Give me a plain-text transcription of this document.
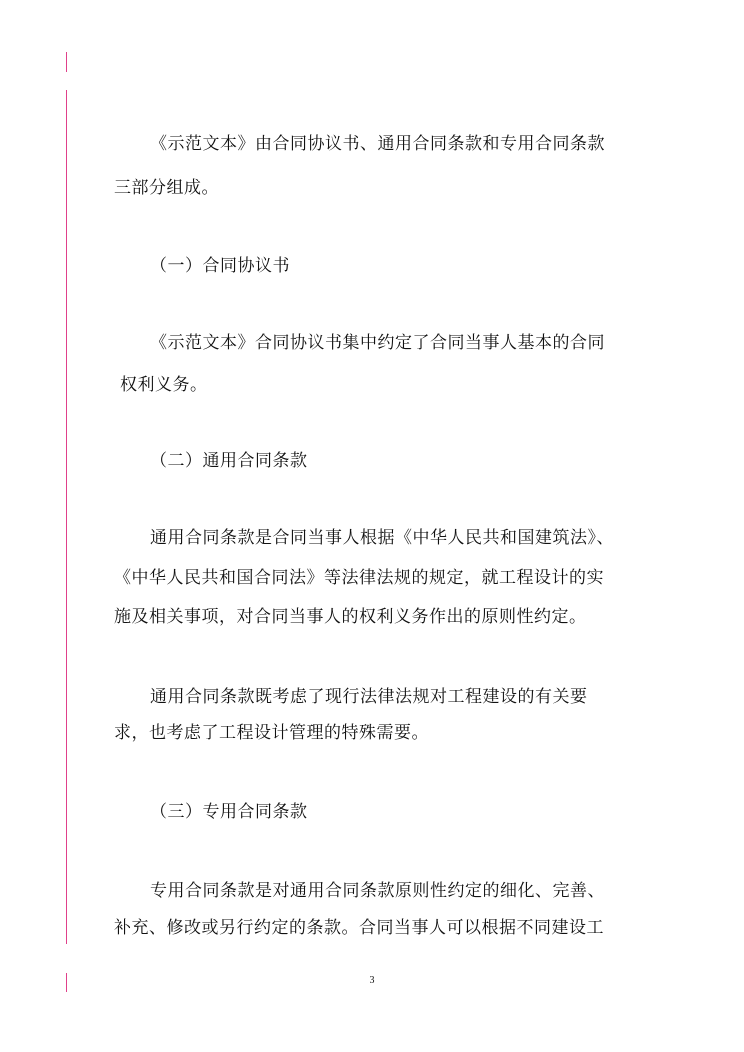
《示范文本》由合同协议书、通用合同条款和专用合同条款
三部分组成。
（一）合同协议书
《示范文本》合同协议书集中约定了合同当事人基本的合同
权利义务。
（二）通用合同条款
通用合同条款是合同当事人根据《中华人民共和国建筑法》、
《中华人民共和国合同法》等法律法规的规定，就工程设计的实
施及相关事项，对合同当事人的权利义务作出的原则性约定。
通用合同条款既考虑了现行法律法规对工程建设的有关要
求，也考虑了工程设计管理的特殊需要。
（三）专用合同条款
专用合同条款是对通用合同条款原则性约定的细化、完善、
补充、修改或另行约定的条款。合同当事人可以根据不同建设工
3
